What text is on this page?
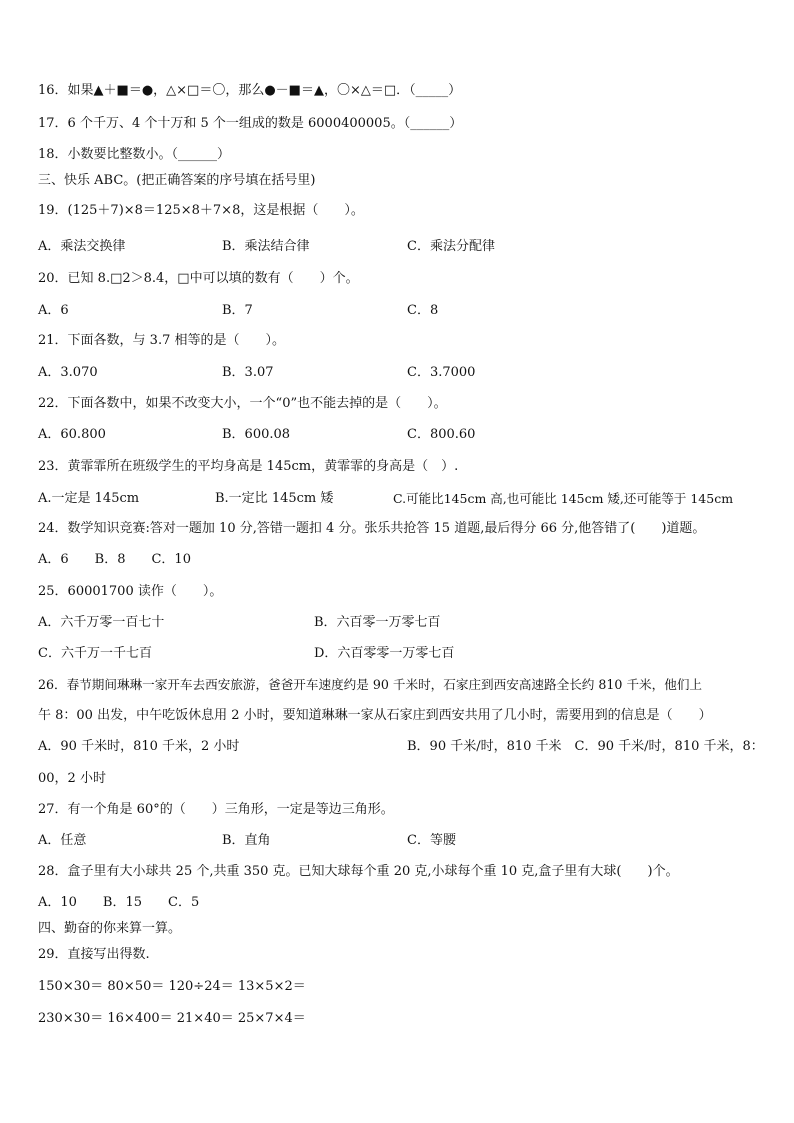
16．如果▲＋■＝●，△×□＝〇，那么●－■＝▲，〇×△＝□．（_____）
17．6 个千万、4 个十万和 5 个一组成的数是 6000400005。（______）
18．小数要比整数小。（______）
三、快乐 ABC。(把正确答案的序号填在括号里)
19．(125＋7)×8＝125×8＋7×8，这是根据（　　）。
A．乘法交换律	B．乘法结合律	C．乘法分配律
20．已知 8.□2＞8.4，□中可以填的数有（　　）个。
A．6	B．7	C．8
21．下面各数，与 3.7 相等的是（　　）。
A．3.070	B．3.07	C．3.7000
22．下面各数中，如果不改变大小，一个“0”也不能去掉的是（　　）。
A．60.800	B．600.08	C．800.60
23．黄霏霏所在班级学生的平均身高是 145cm，黄霏霏的身高是（　）.
A.一定是 145cm	B.一定比 145cm 矮	C.可能比145cm 高,也可能比 145cm 矮,还可能等于 145cm
24．数学知识竞赛:答对一题加 10 分,答错一题扣 4 分。张乐共抢答 15 道题,最后得分 66 分,他答错了(　　)道题。
A．6　　B．8　　C．10
25．60001700 读作（　　）。
A．六千万零一百七十	B．六百零一万零七百
C．六千万一千七百	D．六百零零一万零七百
26．春节期间琳琳一家开车去西安旅游，爸爸开车速度约是 90 千米时，石家庄到西安高速路全长约 810 千米，他们上
午 8：00 出发，中午吃饭休息用 2 小时，要知道琳琳一家从石家庄到西安共用了几小时，需要用到的信息是（　　）
A．90 千米时，810 千米，2 小时	B．90 千米/时，810 千米　C．90 千米/时，810 千米，8：
00，2 小时
27．有一个角是 60°的（　　）三角形，一定是等边三角形。
A．任意	B．直角	C．等腰
28．盒子里有大小球共 25 个,共重 350 克。已知大球每个重 20 克,小球每个重 10 克,盒子里有大球(　　)个。
A．10　　B．15　　C．5
四、勤奋的你来算一算。
29．直接写出得数.
150×30＝ 80×50＝ 120÷24＝ 13×5×2＝
230×30＝ 16×400＝ 21×40＝ 25×7×4＝
